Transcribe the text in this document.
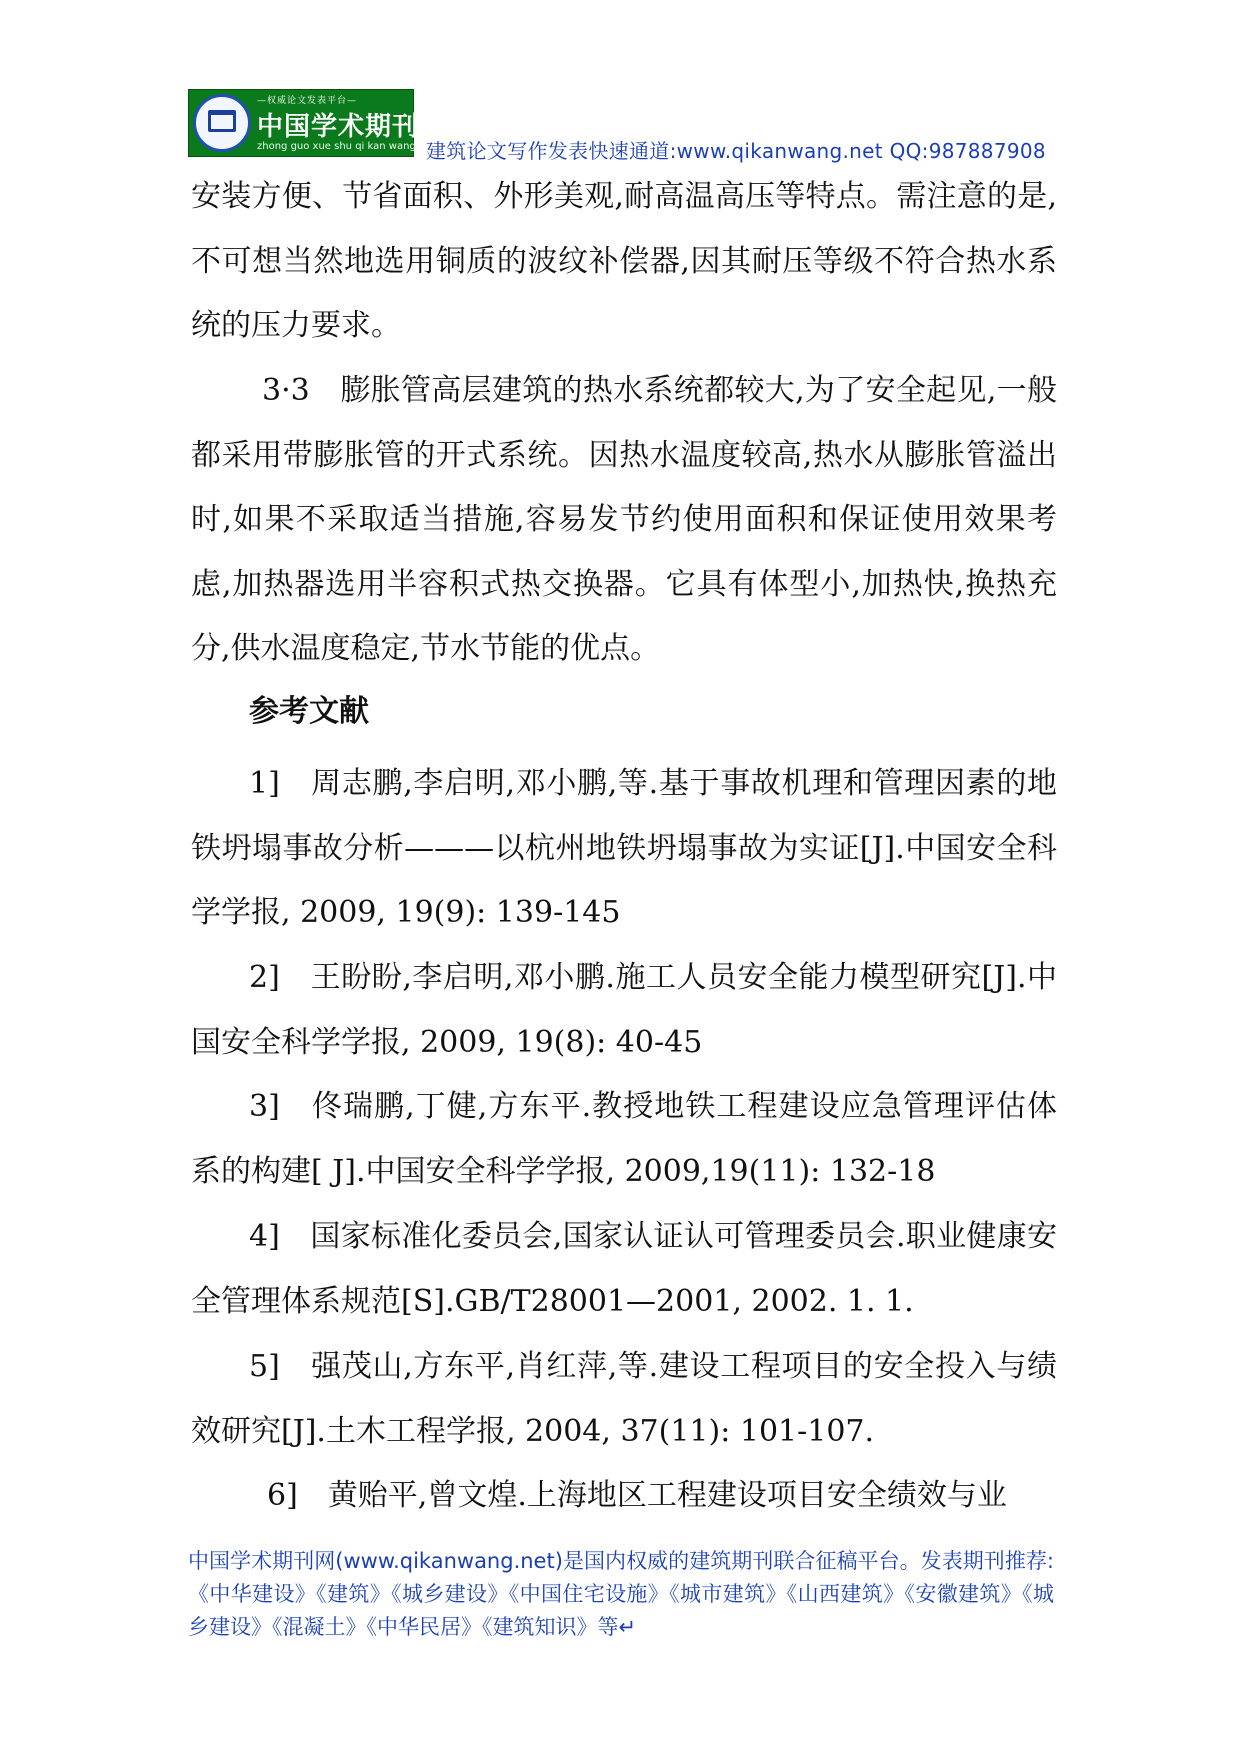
—权威论文发表平台—
中国学术期刊网
zhong guo xue shu qi kan wang 建筑论文写作发表快速通道:www.qikanwang.net QQ:987887908

安装方便、节省面积、外形美观,耐高温高压等特点。需注意的是,不可想当然地选用铜质的波纹补偿器,因其耐压等级不符合热水系统的压力要求。

3·3　膨胀管高层建筑的热水系统都较大,为了安全起见,一般都采用带膨胀管的开式系统。因热水温度较高,热水从膨胀管溢出时,如果不采取适当措施,容易发节约使用面积和保证使用效果考虑,加热器选用半容积式热交换器。它具有体型小,加热快,换热充分,供水温度稳定,节水节能的优点。

参考文献

1]　周志鹏,李启明,邓小鹏,等.基于事故机理和管理因素的地铁坍塌事故分析———以杭州地铁坍塌事故为实证[J].中国安全科学学报, 2009, 19(9): 139-145

2]　王盼盼,李启明,邓小鹏.施工人员安全能力模型研究[J].中国安全科学学报, 2009, 19(8): 40-45

3]　佟瑞鹏,丁健,方东平.教授地铁工程建设应急管理评估体系的构建[ J].中国安全科学学报, 2009,19(11): 132-18

4]　国家标准化委员会,国家认证认可管理委员会.职业健康安全管理体系规范[S].GB/T28001—2001, 2002. 1. 1.

5]　强茂山,方东平,肖红萍,等.建设工程项目的安全投入与绩效研究[J].土木工程学报, 2004, 37(11): 101-107.

6]　黄贻平,曾文煌.上海地区工程建设项目安全绩效与业

中国学术期刊网(www.qikanwang.net)是国内权威的建筑期刊联合征稿平台。发表期刊推荐:《中华建设》《建筑》《城乡建设》《中国住宅设施》《城市建筑》《山西建筑》《安徽建筑》《城乡建设》《混凝土》《中华民居》《建筑知识》等↵
